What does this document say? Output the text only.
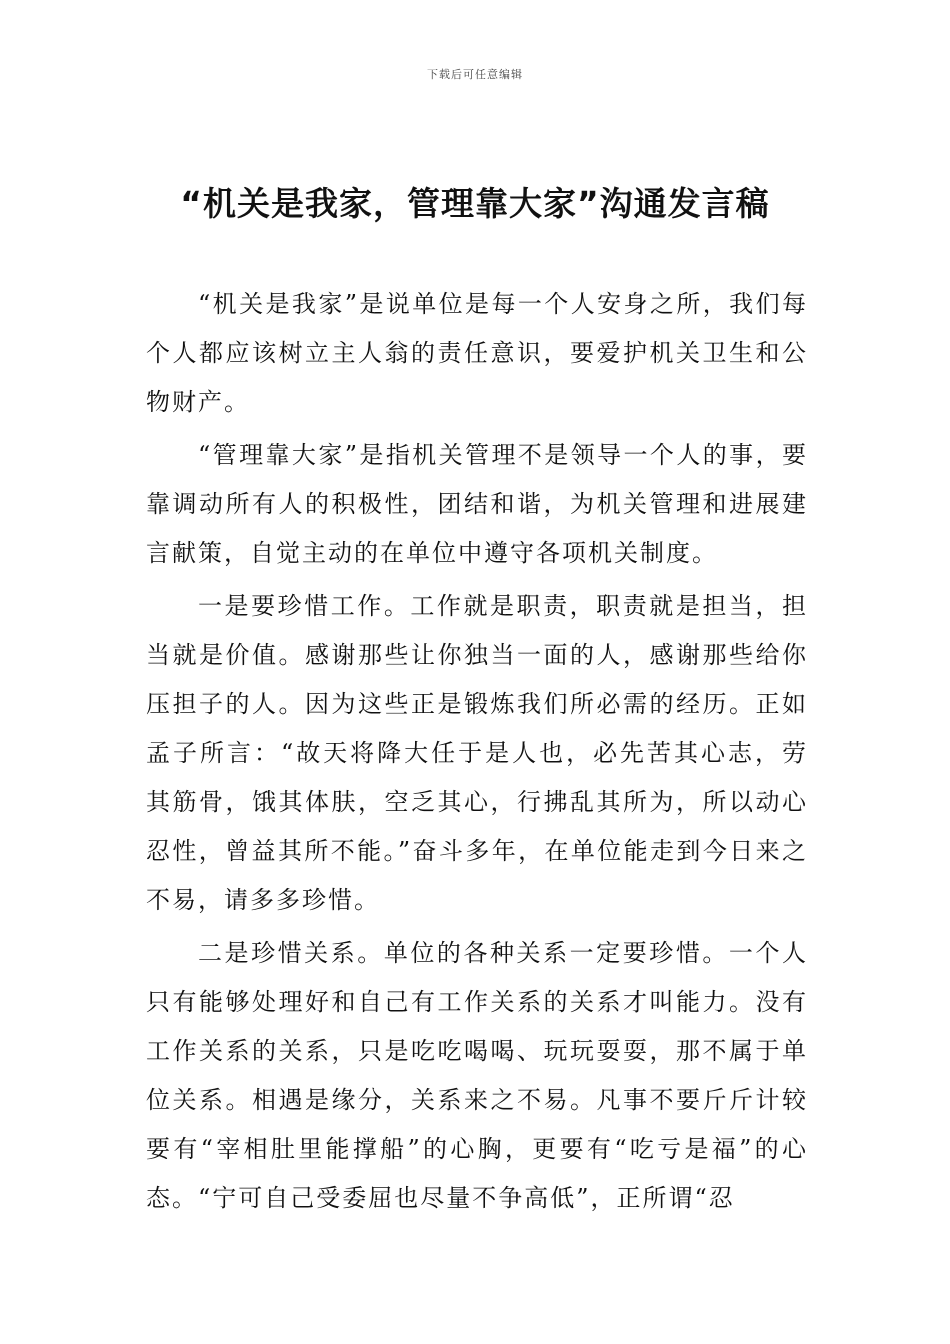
下载后可任意编辑
“机关是我家，管理靠大家”沟通发言稿

“机关是我家”是说单位是每一个人安身之所，我们每个人都应该树立主人翁的责任意识，要爱护机关卫生和公物财产。

“管理靠大家”是指机关管理不是领导一个人的事，要靠调动所有人的积极性，团结和谐，为机关管理和进展建言献策，自觉主动的在单位中遵守各项机关制度。

一是要珍惜工作。工作就是职责，职责就是担当，担当就是价值。感谢那些让你独当一面的人，感谢那些给你压担子的人。因为这些正是锻炼我们所必需的经历。正如孟子所言：“故天将降大任于是人也，必先苦其心志，劳其筋骨，饿其体肤，空乏其心，行拂乱其所为，所以动心忍性，曾益其所不能。”奋斗多年，在单位能走到今日来之不易，请多多珍惜。

二是珍惜关系。单位的各种关系一定要珍惜。一个人只有能够处理好和自己有工作关系的关系才叫能力。没有工作关系的关系，只是吃吃喝喝、玩玩耍耍，那不属于单位关系。相遇是缘分，关系来之不易。凡事不要斤斤计较要有“宰相肚里能撑船”的心胸，更要有“吃亏是福”的心态。“宁可自己受委屈也尽量不争高低”，正所谓“忍
